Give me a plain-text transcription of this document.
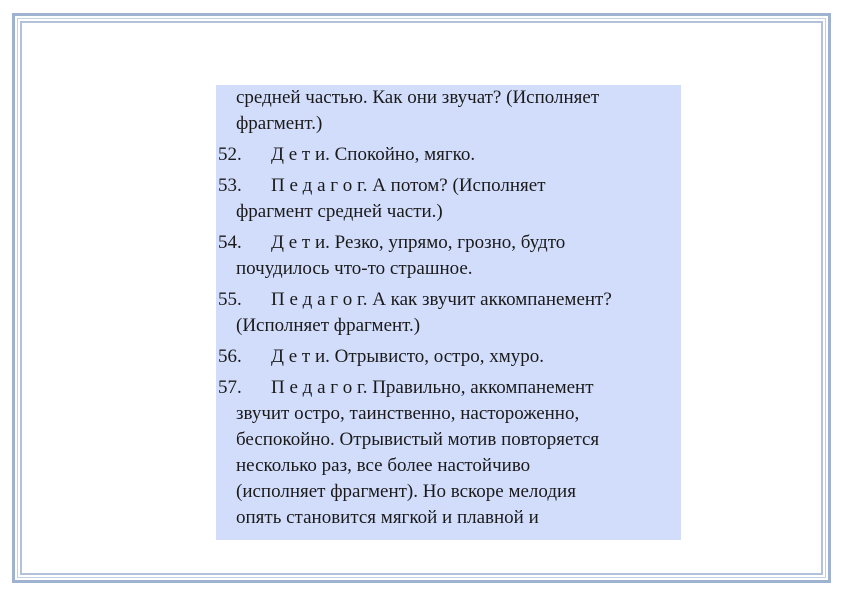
средней частью. Как они звучат? (Исполняет
фрагмент.)

52.	Д е т и. Спокойно, мягко.
53.	П е д а г о г. А потом? (Исполняет
фрагмент средней части.)
54.	Д е т и. Резко, упрямо, грозно, будто
почудилось что-то страшное.
55.	П е д а г о г. А как звучит аккомпанемент?
(Исполняет фрагмент.)
56.	Д е т и. Отрывисто, остро, хмуро.
57.	П е д а г о г. Правильно, аккомпанемент
звучит остро, таинственно, настороженно,
беспокойно. Отрывистый мотив повторяется
несколько раз, все более настойчиво
(исполняет фрагмент). Но вскоре мелодия
опять становится мягкой и плавной и
